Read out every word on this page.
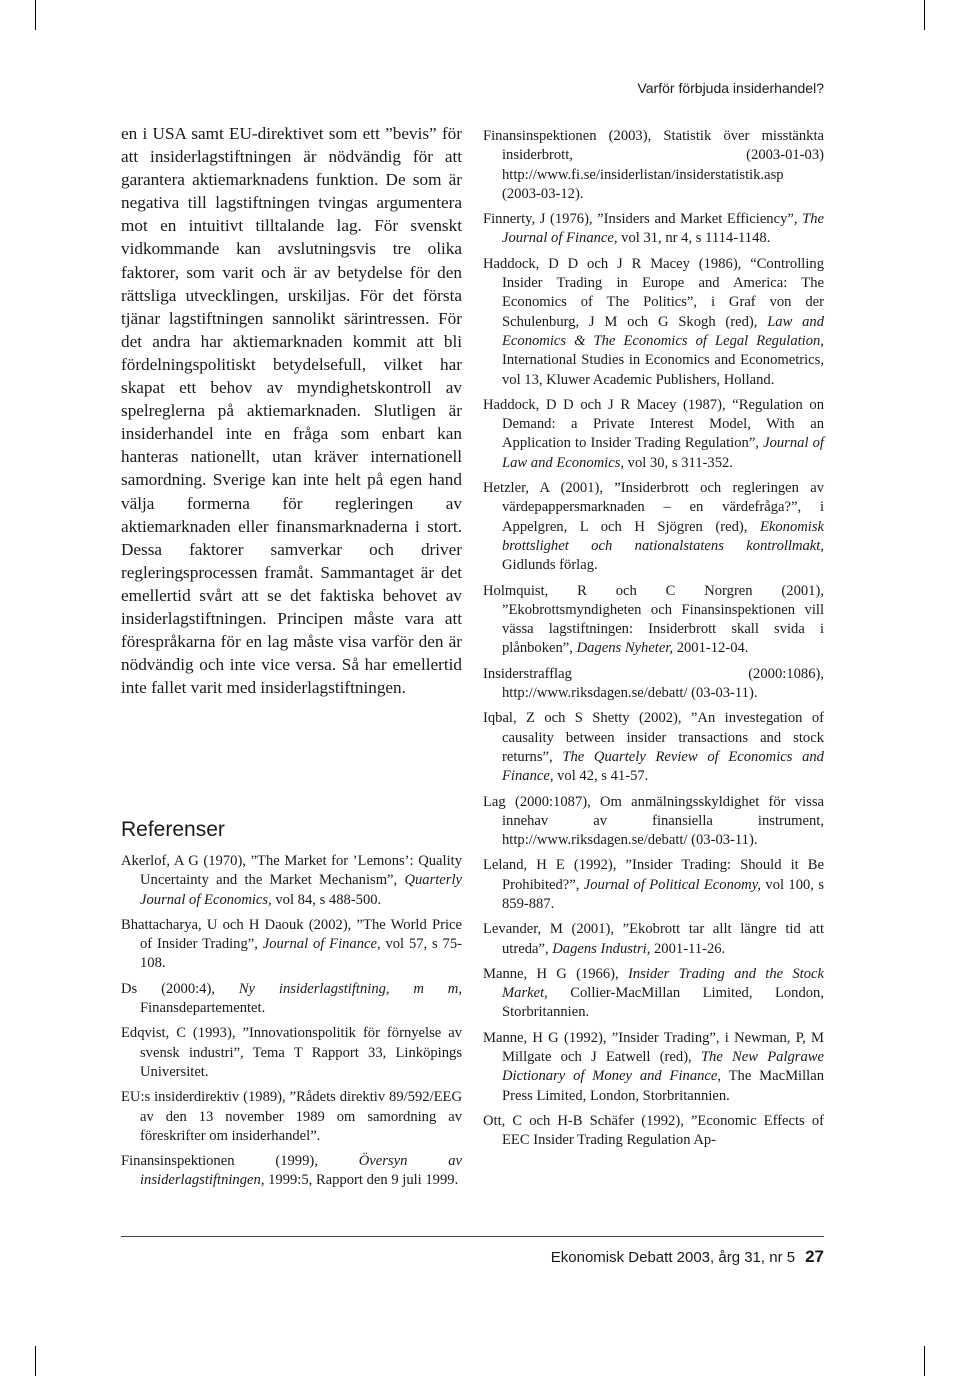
Varför förbjuda insiderhandel?

en i USA samt EU-direktivet som ett ”bevis” för att insiderlagstiftningen är nödvändig för att garantera aktiemarknadens funktion. De som är negativa till lagstiftningen tvingas argumentera mot en intuitivt tilltalande lag. För svenskt vidkommande kan avslutningsvis tre olika faktorer, som varit och är av betydelse för den rättsliga utvecklingen, urskiljas. För det första tjänar lagstiftningen sannolikt särintressen. För det andra har aktiemarknaden kommit att bli fördelningspolitiskt betydelsefull, vilket har skapat ett behov av myndighetskontroll av spelreglerna på aktiemarknaden. Slutligen är insiderhandel inte en fråga som enbart kan hanteras nationellt, utan kräver internationell samordning. Sverige kan inte helt på egen hand välja formerna för regleringen av aktiemarknaden eller finansmarknaderna i stort. Dessa faktorer samverkar och driver regleringsprocessen framåt. Sammantaget är det emellertid svårt att se det faktiska behovet av insiderlagstiftningen. Principen måste vara att förespråkarna för en lag måste visa varför den är nödvändig och inte vice versa. Så har emellertid inte fallet varit med insiderlagstiftningen.

Referenser

Akerlof, A G (1970), ”The Market for ’Lemons’: Quality Uncertainty and the Market Mechanism”, Quarterly Journal of Economics, vol 84, s 488-500.

Bhattacharya, U och H Daouk (2002), ”The World Price of Insider Trading”, Journal of Finance, vol 57, s 75-108.

Ds (2000:4), Ny insiderlagstiftning, m m, Finansdepartementet.

Edqvist, C (1993), ”Innovationspolitik för förnyelse av svensk industri”, Tema T Rapport 33, Linköpings Universitet.

EU:s insiderdirektiv (1989), ”Rådets direktiv 89/592/EEG av den 13 november 1989 om samordning av föreskrifter om insiderhandel”.

Finansinspektionen (1999), Översyn av insiderlagstiftningen, 1999:5, Rapport den 9 juli 1999.

Finansinspektionen (2003), Statistik över misstänkta insiderbrott, (2003-01-03) http://www.fi.se/insiderlistan/insiderstatistik.asp (2003-03-12).

Finnerty, J (1976), ”Insiders and Market Efficiency”, The Journal of Finance, vol 31, nr 4, s 1114-1148.

Haddock, D D och J R Macey (1986), “Controlling Insider Trading in Europe and America: The Economics of The Politics”, i Graf von der Schulenburg, J M och G Skogh (red), Law and Economics & The Economics of Legal Regulation, International Studies in Economics and Econometrics, vol 13, Kluwer Academic Publishers, Holland.

Haddock, D D och J R Macey (1987), “Regulation on Demand: a Private Interest Model, With an Application to Insider Trading Regulation”, Journal of Law and Economics, vol 30, s 311-352.

Hetzler, A (2001), ”Insiderbrott och regleringen av värdepappersmarknaden – en värdefråga?”, i Appelgren, L och H Sjögren (red), Ekonomisk brottslighet och nationalstatens kontrollmakt, Gidlunds förlag.

Holmquist, R och C Norgren (2001), ”Ekobrottsmyndigheten och Finansinspektionen vill vässa lagstiftningen: Insiderbrott skall svida i plånboken”, Dagens Nyheter, 2001-12-04.

Insiderstrafflag (2000:1086), http://www.riksdagen.se/debatt/ (03-03-11).

Iqbal, Z och S Shetty (2002), ”An investegation of causality between insider transactions and stock returns”, The Quartely Review of Economics and Finance, vol 42, s 41-57.

Lag (2000:1087), Om anmälningsskyldighet för vissa innehav av finansiella instrument, http://www.riksdagen.se/debatt/ (03-03-11).

Leland, H E (1992), ”Insider Trading: Should it Be Prohibited?”, Journal of Political Economy, vol 100, s 859-887.

Levander, M (2001), ”Ekobrott tar allt längre tid att utreda”, Dagens Industri, 2001-11-26.

Manne, H G (1966), Insider Trading and the Stock Market, Collier-MacMillan Limited, London, Storbritannien.

Manne, H G (1992), ”Insider Trading”, i Newman, P, M Millgate och J Eatwell (red), The New Palgrawe Dictionary of Money and Finance, The MacMillan Press Limited, London, Storbritannien.

Ott, C och H-B Schäfer (1992), ”Economic Effects of EEC Insider Trading Regulation Ap-

Ekonomisk Debatt 2003, årg 31, nr 5 27
